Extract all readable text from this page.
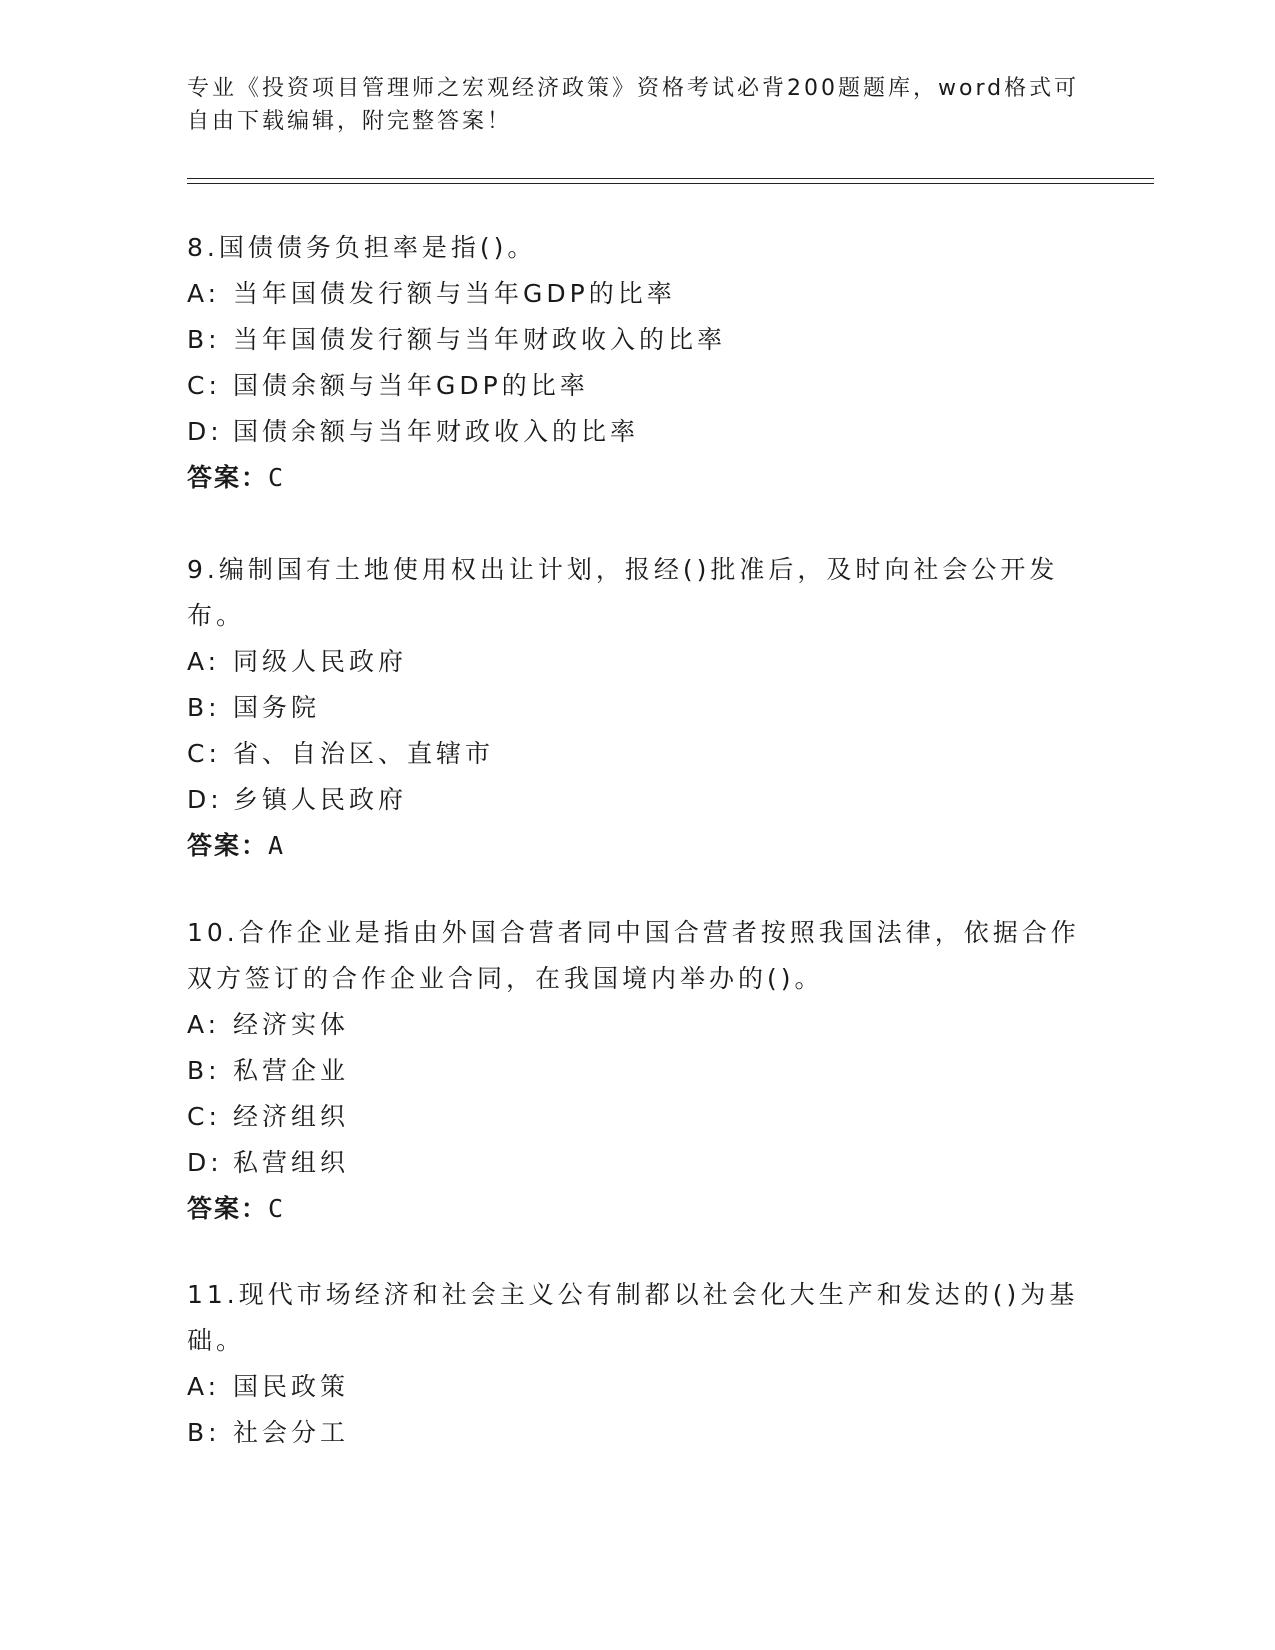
专业《投资项目管理师之宏观经济政策》资格考试必背200题题库，word格式可
自由下载编辑，附完整答案！
8.国债债务负担率是指()。
A: 当年国债发行额与当年GDP的比率
B: 当年国债发行额与当年财政收入的比率
C: 国债余额与当年GDP的比率
D: 国债余额与当年财政收入的比率
答案：C
9.编制国有土地使用权出让计划，报经()批准后，及时向社会公开发
布。
A: 同级人民政府
B: 国务院
C: 省、自治区、直辖市
D: 乡镇人民政府
答案：A
10.合作企业是指由外国合营者同中国合营者按照我国法律，依据合作
双方签订的合作企业合同，在我国境内举办的()。
A: 经济实体
B: 私营企业
C: 经济组织
D: 私营组织
答案：C
11.现代市场经济和社会主义公有制都以社会化大生产和发达的()为基
础。
A: 国民政策
B: 社会分工
